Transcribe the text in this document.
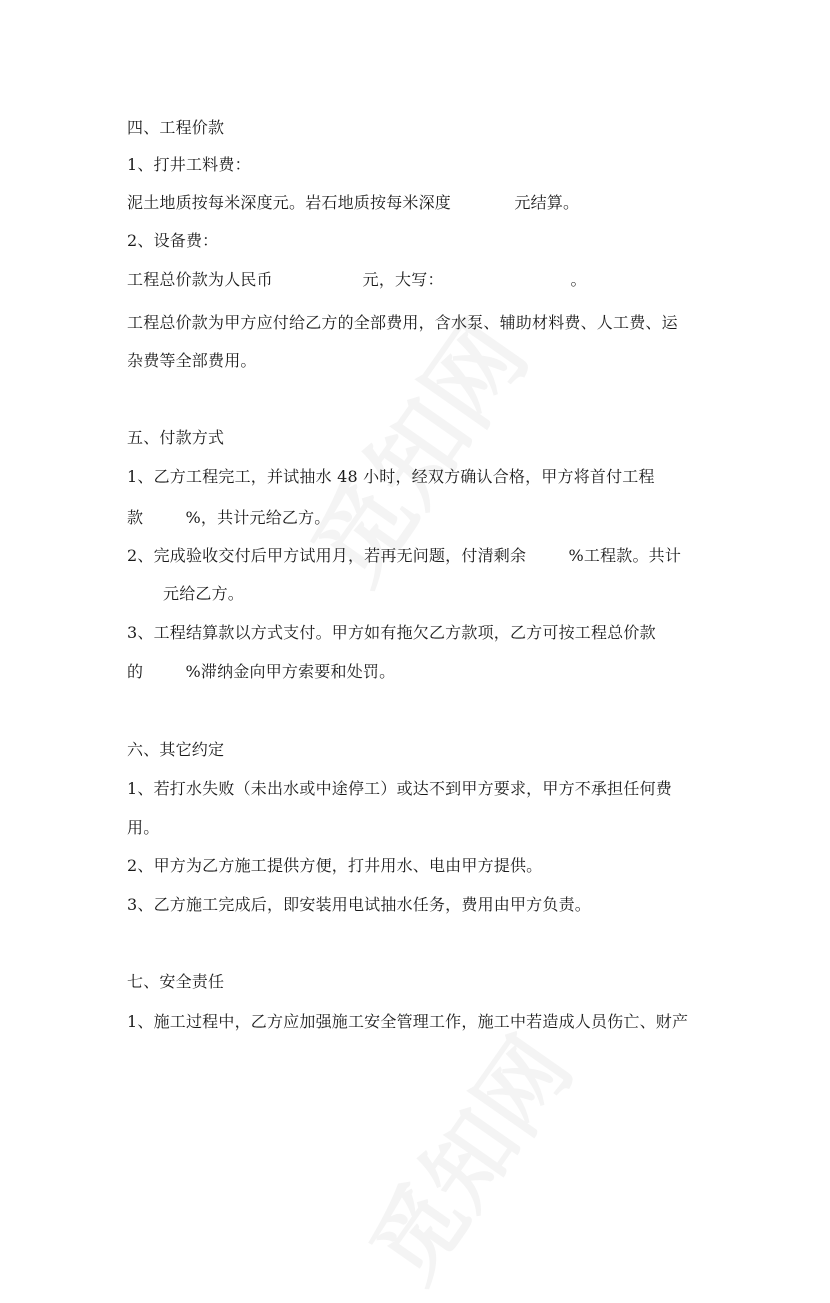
四、工程价款
1、打井工料费：
泥土地质按每米深度元。岩石地质按每米深度            元结算。
2、设备费：
工程总价款为人民币                 元，大写：                        。
工程总价款为甲方应付给乙方的全部费用，含水泵、辅助材料费、人工费、运
杂费等全部费用。
五、付款方式
1、乙方工程完工，并试抽水 48 小时，经双方确认合格，甲方将首付工程
款        %，共计元给乙方。
2、完成验收交付后甲方试用月，若再无问题，付清剩余        %工程款。共计
元给乙方。
3、工程结算款以方式支付。甲方如有拖欠乙方款项，乙方可按工程总价款
的        %滞纳金向甲方索要和处罚。
六、其它约定
1、若打水失败（未出水或中途停工）或达不到甲方要求，甲方不承担任何费
用。
2、甲方为乙方施工提供方便，打井用水、电由甲方提供。
3、乙方施工完成后，即安装用电试抽水任务，费用由甲方负责。
七、安全责任
1、施工过程中，乙方应加强施工安全管理工作，施工中若造成人员伤亡、财产
